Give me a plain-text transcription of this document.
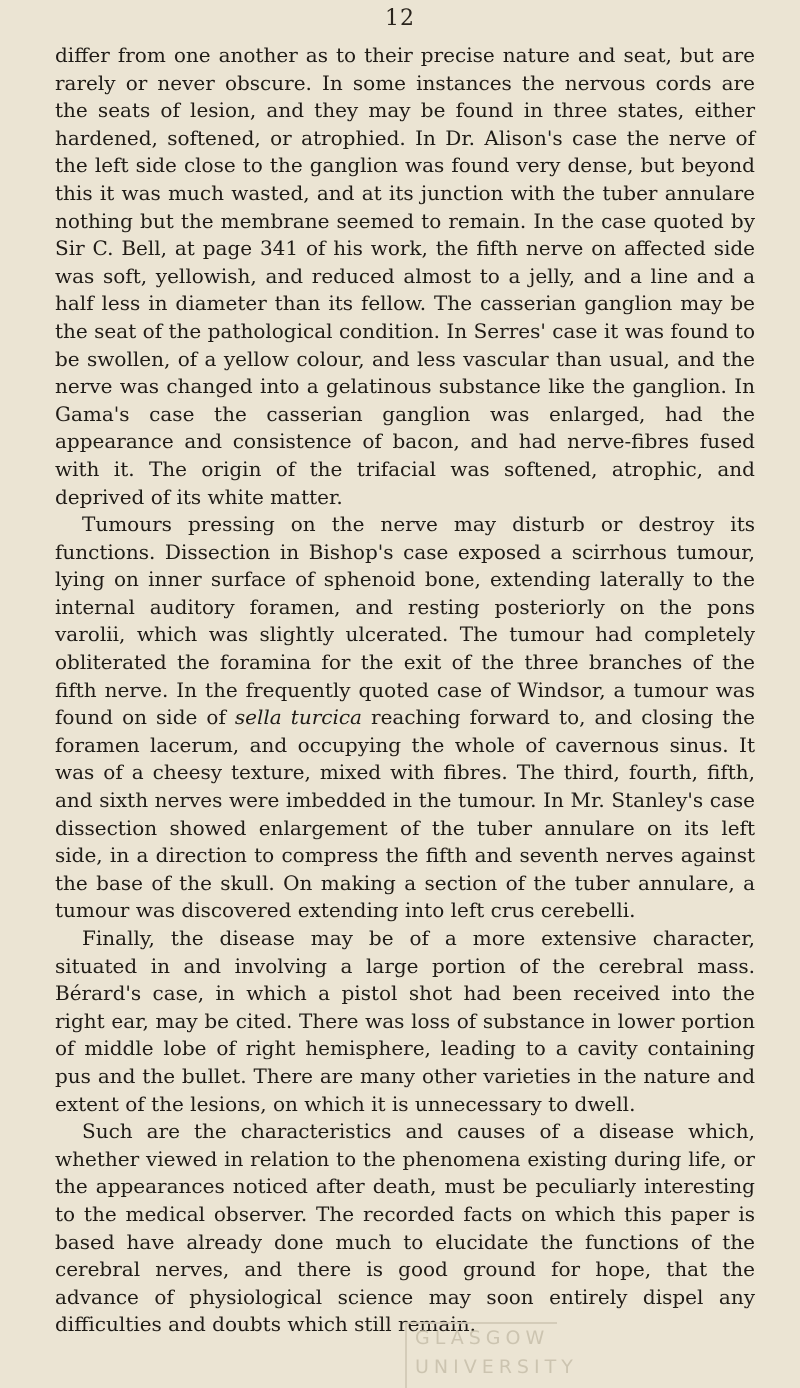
12

differ from one another as to their precise nature and seat, but are rarely or never obscure. In some instances the nervous cords are the seats of lesion, and they may be found in three states, either hardened, softened, or atrophied. In Dr. Alison's case the nerve of the left side close to the ganglion was found very dense, but beyond this it was much wasted, and at its junction with the tuber annulare nothing but the membrane seemed to remain. In the case quoted by Sir C. Bell, at page 341 of his work, the fifth nerve on affected side was soft, yellowish, and reduced almost to a jelly, and a line and a half less in diameter than its fellow. The casserian ganglion may be the seat of the pathological condition. In Serres' case it was found to be swollen, of a yellow colour, and less vascular than usual, and the nerve was changed into a gelatinous substance like the ganglion. In Gama's case the casserian ganglion was enlarged, had the appearance and consistence of bacon, and had nerve-fibres fused with it. The origin of the trifacial was softened, atrophic, and deprived of its white matter.

Tumours pressing on the nerve may disturb or destroy its functions. Dissection in Bishop's case exposed a scirrhous tumour, lying on inner surface of sphenoid bone, extending laterally to the internal auditory foramen, and resting posteriorly on the pons varolii, which was slightly ulcerated. The tumour had completely obliterated the foramina for the exit of the three branches of the fifth nerve. In the frequently quoted case of Windsor, a tumour was found on side of sella turcica reaching forward to, and closing the foramen lacerum, and occupying the whole of cavernous sinus. It was of a cheesy texture, mixed with fibres. The third, fourth, fifth, and sixth nerves were imbedded in the tumour. In Mr. Stanley's case dissection showed enlargement of the tuber annulare on its left side, in a direction to compress the fifth and seventh nerves against the base of the skull. On making a section of the tuber annulare, a tumour was discovered extending into left crus cerebelli.

Finally, the disease may be of a more extensive character, situated in and involving a large portion of the cerebral mass. Bérard's case, in which a pistol shot had been received into the right ear, may be cited. There was loss of substance in lower portion of middle lobe of right hemisphere, leading to a cavity containing pus and the bullet. There are many other varieties in the nature and extent of the lesions, on which it is unnecessary to dwell.

Such are the characteristics and causes of a disease which, whether viewed in relation to the phenomena existing during life, or the appearances noticed after death, must be peculiarly interesting to the medical observer. The recorded facts on which this paper is based have already done much to elucidate the functions of the cerebral nerves, and there is good ground for hope, that the advance of physiological science may soon entirely dispel any difficulties and doubts which still remain.

GLASGOW
UNIVERSITY
